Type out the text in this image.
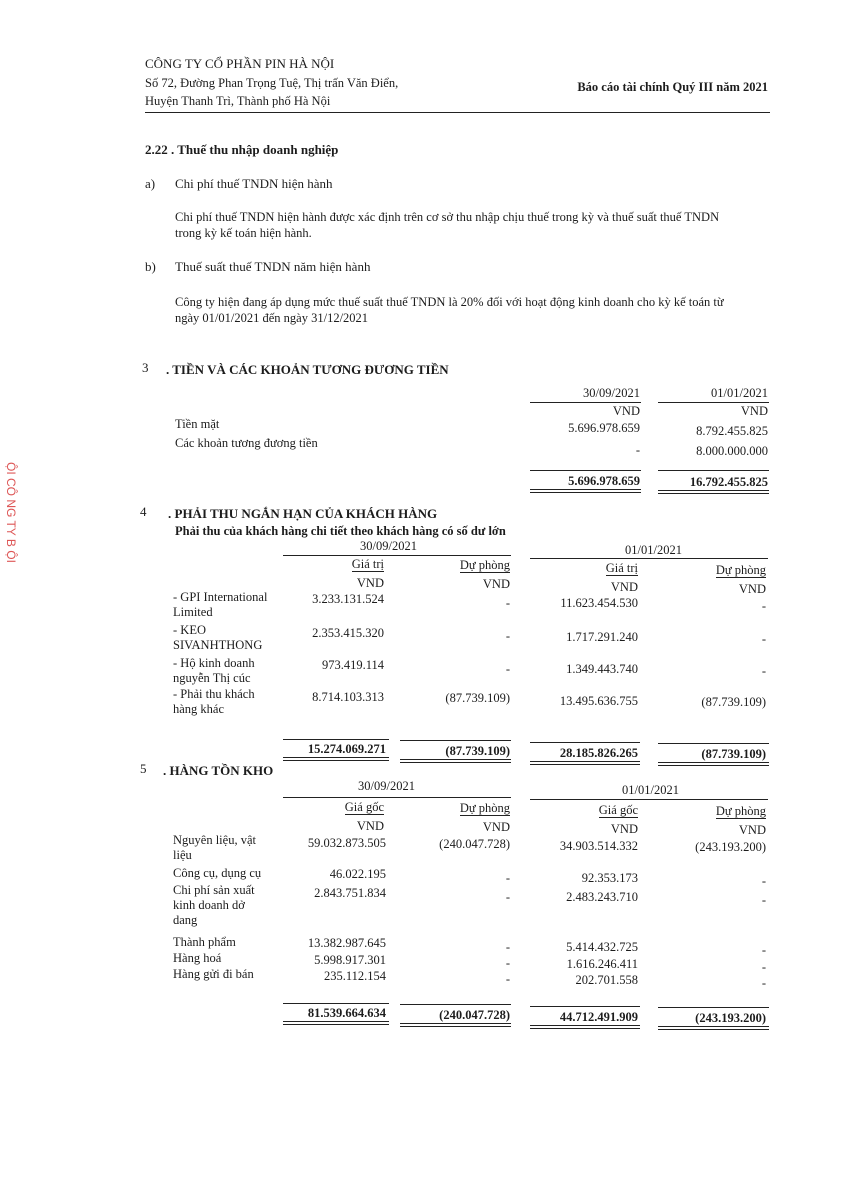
CÔNG TY CỔ PHẦN PIN HÀ NỘI
Số 72, Đường Phan Trọng Tuệ, Thị trấn Văn Điển,
Huyện Thanh Trì, Thành phố Hà Nội
Báo cáo tài chính Quý III năm 2021
ỘI CÔ NG TY B ỘI
2.22 . Thuế thu nhập doanh nghiệp
a) Chi phí thuế TNDN hiện hành
Chi phí thuế TNDN hiện hành được xác định trên cơ sở thu nhập chịu thuế trong kỳ và thuế suất thuế TNDN
trong kỳ kế toán hiện hành.
b) Thuế suất thuế TNDN năm hiện hành
Công ty hiện đang áp dụng mức thuế suất thuế TNDN là 20% đối với hoạt động kinh doanh cho kỳ kế toán từ
ngày 01/01/2021 đến ngày 31/12/2021
3 . TIỀN VÀ CÁC KHOẢN TƯƠNG ĐƯƠNG TIỀN
30/09/2021	01/01/2021
VND	VND
Tiền mặt	5.696.978.659	8.792.455.825
Các khoản tương đương tiền	-	8.000.000.000
5.696.978.659	16.792.455.825
4 . PHẢI THU NGẮN HẠN CỦA KHÁCH HÀNG
Phải thu của khách hàng chi tiết theo khách hàng có số dư lớn
30/09/2021	01/01/2021
Giá trị	Dự phòng	Giá trị	Dự phòng
VND	VND	VND	VND
- GPI International Limited
3.233.131.524	-	11.623.454.530	-
- KEO SIVANHTHONG
2.353.415.320	-	1.717.291.240	-
- Hộ kinh doanh nguyễn Thị cúc
973.419.114	-	1.349.443.740	-
- Phải thu khách hàng khác
8.714.103.313	(87.739.109)	13.495.636.755	(87.739.109)
15.274.069.271	(87.739.109)	28.185.826.265	(87.739.109)
5 . HÀNG TỒN KHO
30/09/2021	01/01/2021
Giá gốc	Dự phòng	Giá gốc	Dự phòng
VND	VND	VND	VND
Nguyên liệu, vật liệu
59.032.873.505	(240.047.728)	34.903.514.332	(243.193.200)
Công cụ, dụng cụ	46.022.195	-	92.353.173	-
Chi phí sản xuất kinh doanh dở dang
2.843.751.834	-	2.483.243.710	-
Thành phẩm	13.382.987.645	-	5.414.432.725	-
Hàng hoá	5.998.917.301	-	1.616.246.411	-
Hàng gửi đi bán	235.112.154	-	202.701.558	-
81.539.664.634	(240.047.728)	44.712.491.909	(243.193.200)
